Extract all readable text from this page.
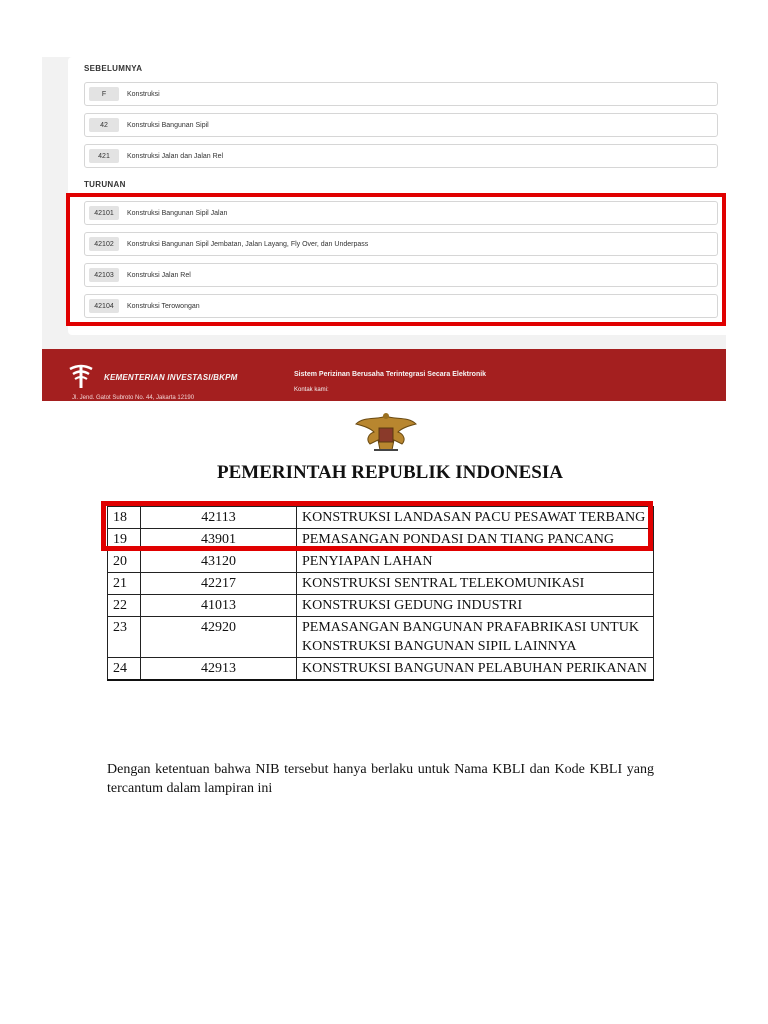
SEBELUMNYA
F	Konstruksi
42	Konstruksi Bangunan Sipil
421	Konstruksi Jalan dan Jalan Rel
TURUNAN
42101	Konstruksi Bangunan Sipil Jalan
42102	Konstruksi Bangunan Sipil Jembatan, Jalan Layang, Fly Over, dan Underpass
42103	Konstruksi Jalan Rel
42104	Konstruksi Terowongan
KEMENTERIAN INVESTASI/BKPM
Jl. Jend. Gatot Subroto No. 44, Jakarta 12190
Sistem Perizinan Berusaha Terintegrasi Secara Elektronik
Kontak kami:
PEMERINTAH REPUBLIK INDONESIA
18	42113	KONSTRUKSI LANDASAN PACU PESAWAT TERBANG
19	43901	PEMASANGAN PONDASI DAN TIANG PANCANG
20	43120	PENYIAPAN LAHAN
21	42217	KONSTRUKSI SENTRAL TELEKOMUNIKASI
22	41013	KONSTRUKSI GEDUNG INDUSTRI
23	42920	PEMASANGAN BANGUNAN PRAFABRIKASI UNTUK KONSTRUKSI BANGUNAN SIPIL LAINNYA
24	42913	KONSTRUKSI BANGUNAN PELABUHAN PERIKANAN
Dengan ketentuan bahwa NIB tersebut hanya berlaku untuk Nama KBLI dan Kode KBLI yang tercantum dalam lampiran ini
